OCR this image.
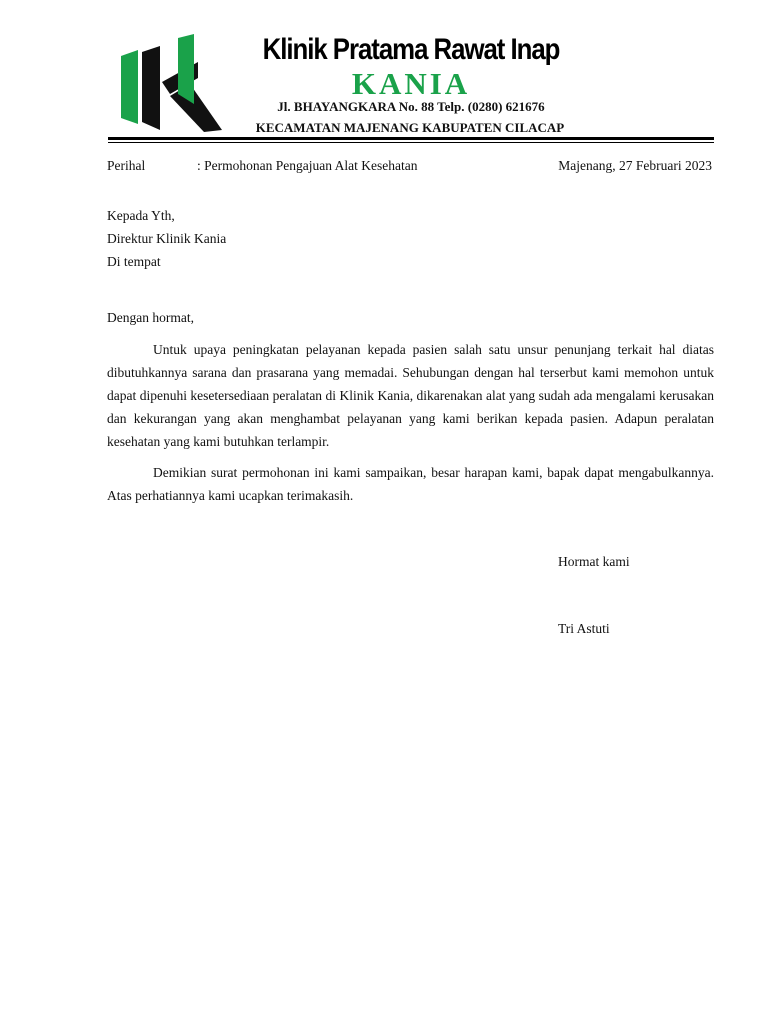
Klinik Pratama Rawat Inap
KANIA
Jl. BHAYANGKARA No. 88 Telp. (0280) 621676
KECAMATAN MAJENANG KABUPATEN CILACAP
Perihal	: Permohonan Pengajuan Alat Kesehatan	Majenang, 27 Februari 2023
Kepada Yth,
Direktur Klinik Kania
Di tempat
Dengan hormat,

Untuk upaya peningkatan pelayanan kepada pasien salah satu unsur penunjang terkait hal diatas dibutuhkannya sarana dan prasarana yang memadai. Sehubungan dengan hal terserbut kami memohon untuk dapat dipenuhi kesetersediaan peralatan di Klinik Kania, dikarenakan alat yang sudah ada mengalami kerusakan dan kekurangan yang akan menghambat pelayanan yang kami berikan kepada pasien. Adapun peralatan kesehatan yang kami butuhkan terlampir.

Demikian surat permohonan ini kami sampaikan, besar harapan kami, bapak dapat mengabulkannya. Atas perhatiannya kami ucapkan terimakasih.

Hormat kami
Tri Astuti
